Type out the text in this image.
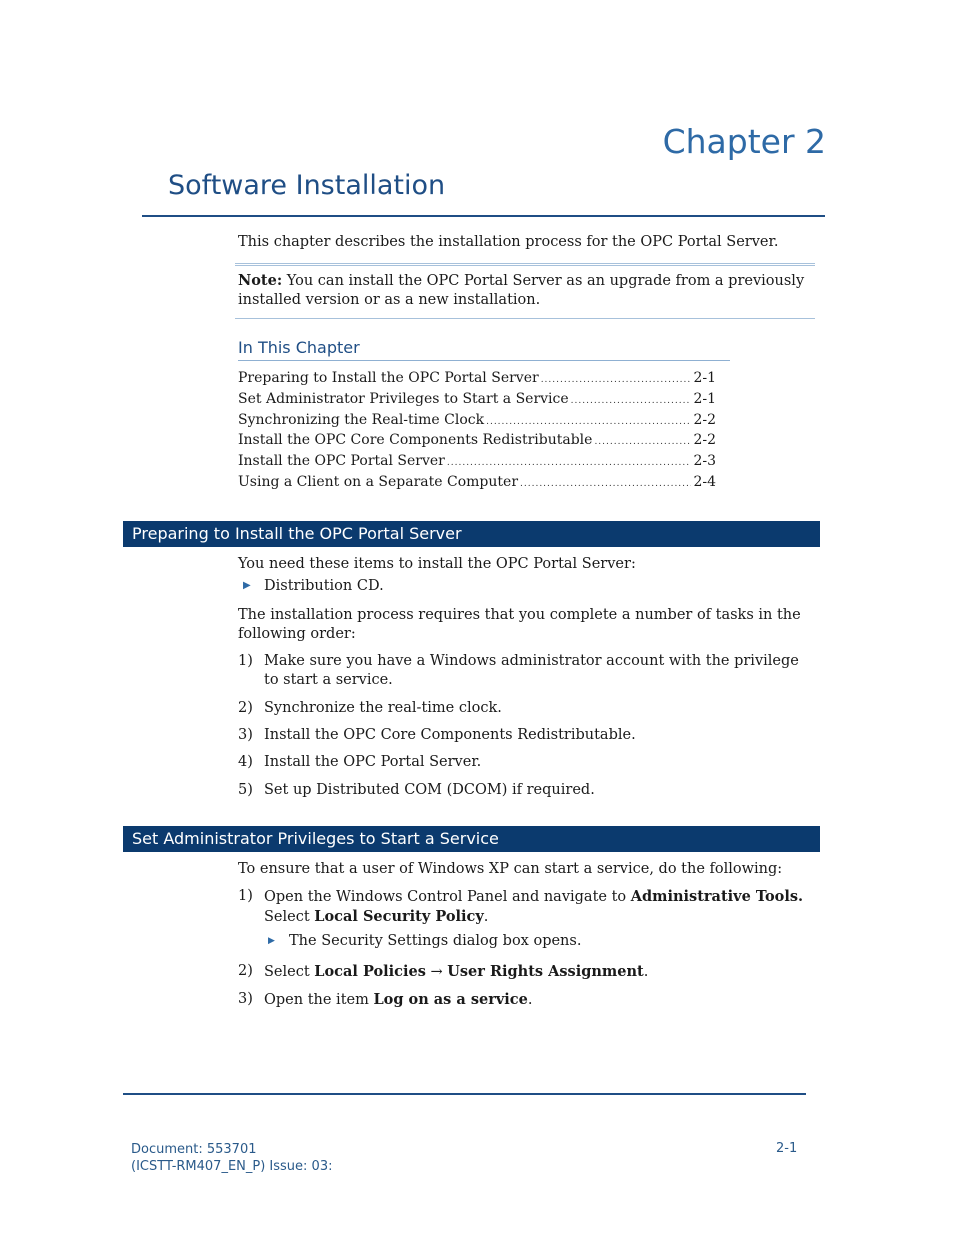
Chapter 2
Software Installation
This chapter describes the installation process for the OPC Portal Server.
Note: You can install the OPC Portal Server as an upgrade from a previously installed version or as a new installation.
In This Chapter
Preparing to Install the OPC Portal Server .....	2-1
Set Administrator Privileges to Start a Service .....	2-1
Synchronizing the Real-time Clock .....	2-2
Install the OPC Core Components Redistributable .....	2-2
Install the OPC Portal Server .....	2-3
Using a Client on a Separate Computer .....	2-4
Preparing to Install the OPC Portal Server
You need these items to install the OPC Portal Server:
▶ Distribution CD.
The installation process requires that you complete a number of tasks in the following order:
1) Make sure you have a Windows administrator account with the privilege to start a service.
2) Synchronize the real-time clock.
3) Install the OPC Core Components Redistributable.
4) Install the OPC Portal Server.
5) Set up Distributed COM (DCOM) if required.
Set Administrator Privileges to Start a Service
To ensure that a user of Windows XP can start a service, do the following:
1) Open the Windows Control Panel and navigate to Administrative Tools. Select Local Security Policy.
▶ The Security Settings dialog box opens.
2) Select Local Policies → User Rights Assignment.
3) Open the item Log on as a service.
Document: 553701
(ICSTT-RM407_EN_P) Issue: 03:
2-1
